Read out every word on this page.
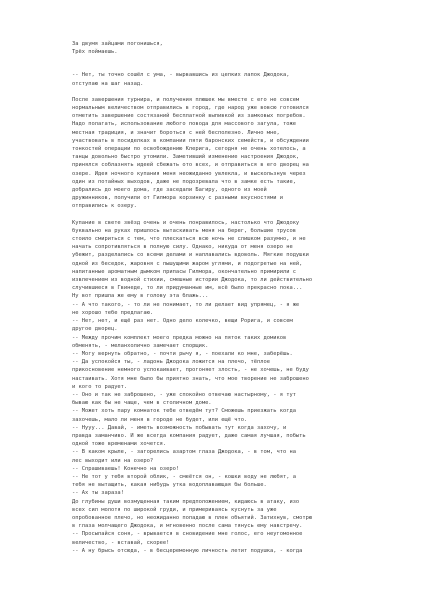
За двумя зайцами погонишься,
Трёх поймаешь.

-- Нет, ты точно сошёл с ума, - вырвавшись из цепких лапок Джодока,
отступаю на шаг назад.

После завершения турнира, и получения плюшек мы вместе с его не совсем
нормальным величеством отправились в город, где народ уже вовсю готовился
отметить завершение состязаний бесплатной выпивкой из замковых погребов.
Надо полагать, использование любого повода для массового загула, тоже
местная традиция, и значит бороться с ней бесполезно. Лично мне,
участвовать в посиделках в компании пяти баронских семейств, и обсуждении
тонкостей операции по освобождению Клерига, сегодня не очень хотелось, а
танцы довольно быстро утомили. Заметивший изменение настроения Джодок,
принялся соблазнять идеей сбежать ото всех, и отправиться в его дворец на
озере. Идея ночного купания меня неожиданно увлекла, и выскользнув через
один из потайных выходов, даже не подозревала что в замке есть такие,
добрались до моего дома, где заседали Багиру, одного из моей
дружинников, получили от Гилмора корзинку с разными вкусностями и
отправились к озеру.

Купание в свете звёзд очень и очень понравилось, настолько что Джодоку
буквально на руках пришлось вытаскивать меня на берег, большие трусов
стоило смириться с тем, что плескаться всю ночь не слишком разумно, и не
начать сопротивляться в полную силу. Однако, никуда от меня озеро не
убежит, рaзделались со всеми делами и наплавались вдоволь. Мягкие подушки
одной из беседок, жаровня с пышущими жаром углями, и подогретые на ней,
напитанные ароматным дымком припасы Гилмора, окончательно примирили с
извлечением из водной стихии, смешные истории Джодока, то ли действительно
случившиеся в Гвинеде, то ли придуманные им, всё было прекрасно пока...
Ну вот пришла же ему в голову эта блажь...

-- А что такого, - то ли не понимает, то ли делает вид упрямец, - я же
не хорошо тебе предлагаю.

-- Нет, нет, и ещё раз нет. Одно дело колечко, вещи Роригa, и совсем
другое дворец.

-- Между прочим комплект моего предка можно на пяток таких домиков
обменять, - меланхолично замечает спорщик.

-- Могу вернуть обратно, - почти рычу я, - поехали ко мне, заберёшь.

-- Да успокойся ты, - ладонь Джодока ложится на плечо, тёплое
прикосновение немного успокаивает, прогоняет злость, - не хочешь, не буду
настаивать. Хотя мне было бы приятно знать, что мое творение не заброшено
и кого то радует.

-- Оно и так не заброшено, - уже спокойно отвечаю настырному, - я тут
бываю как бы не чаще, чем в столичном доме.

-- Может хоть пару комнаток тебе отведём тут? Сможешь приезжать когда
захочешь, мало ли меня в городе не будет, или ещё что.

-- Нууу... Давай, - иметь возможность побывать тут когда захочу, и
правда заманчиво. И же всегда компания радует, даже самая лучшая, побыть
одной тоже временами хочется.

-- В каком крыле, - загорелись азартом глаза Джодока, - в том, что на
лес выходит или на озеро?

-- Спрашиваешь! Конечно на озеро!

-- Не тот у тебя второй облик, - смеётся он, - кошки воду не любят, а
тебя не вытащить, какая нибудь утка водоплавающая бы больше.

-- Ах ты зараза!

До глубины души возмущенная таким предположением, кидаюсь в атаку, изо
всех сил молотя по широкой груди, и примериваясь куснуть за уже
опробованное плечо, но неожиданно попадаю в плен объятий. Затихнув, смотрю
в глаза молчащего Джодока, и мгновенно после сама тянусь ему навстречу.

-- Просыпайся соня, - врывается в сновидение мне голос, его неугомонное
величество, - вставай, скорее!

-- А ну брысь отсюда, - в бесцеремонную личность летит подушка, - когда
